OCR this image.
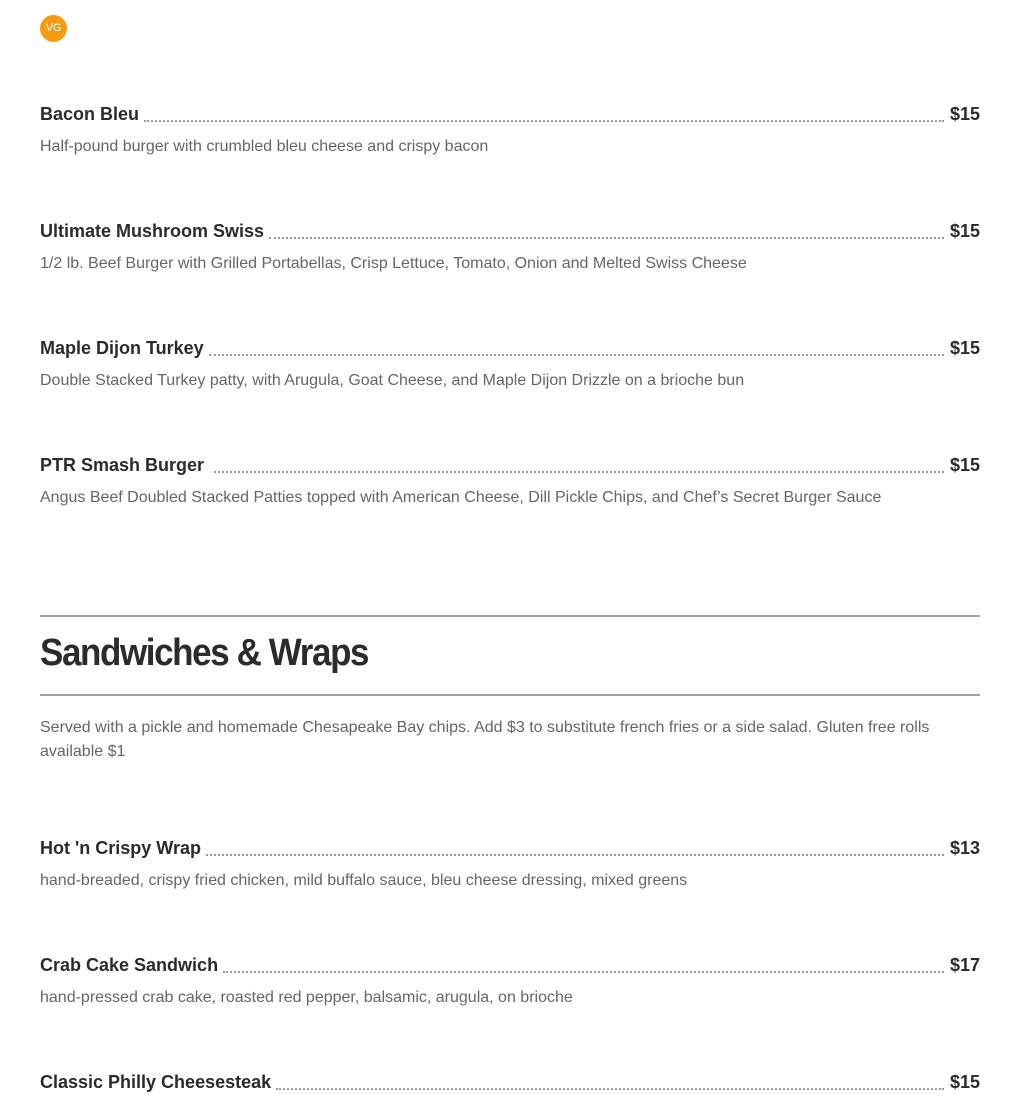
VG
Bacon Bleu	$15
Half-pound burger with crumbled bleu cheese and crispy bacon
Ultimate Mushroom Swiss	$15
1/2 lb. Beef Burger with Grilled Portabellas, Crisp Lettuce, Tomato, Onion and Melted Swiss Cheese
Maple Dijon Turkey	$15
Double Stacked Turkey patty, with Arugula, Goat Cheese, and Maple Dijon Drizzle on a brioche bun
PTR Smash Burger	$15
Angus Beef Doubled Stacked Patties topped with American Cheese, Dill Pickle Chips, and Chef’s Secret Burger Sauce
Sandwiches & Wraps
Served with a pickle and homemade Chesapeake Bay chips. Add $3 to substitute french fries or a side salad. Gluten free rolls available $1
Hot 'n Crispy Wrap	$13
hand-breaded, crispy fried chicken, mild buffalo sauce, bleu cheese dressing, mixed greens
Crab Cake Sandwich	$17
hand-pressed crab cake, roasted red pepper, balsamic, arugula, on brioche
Classic Philly Cheesesteak	$15
